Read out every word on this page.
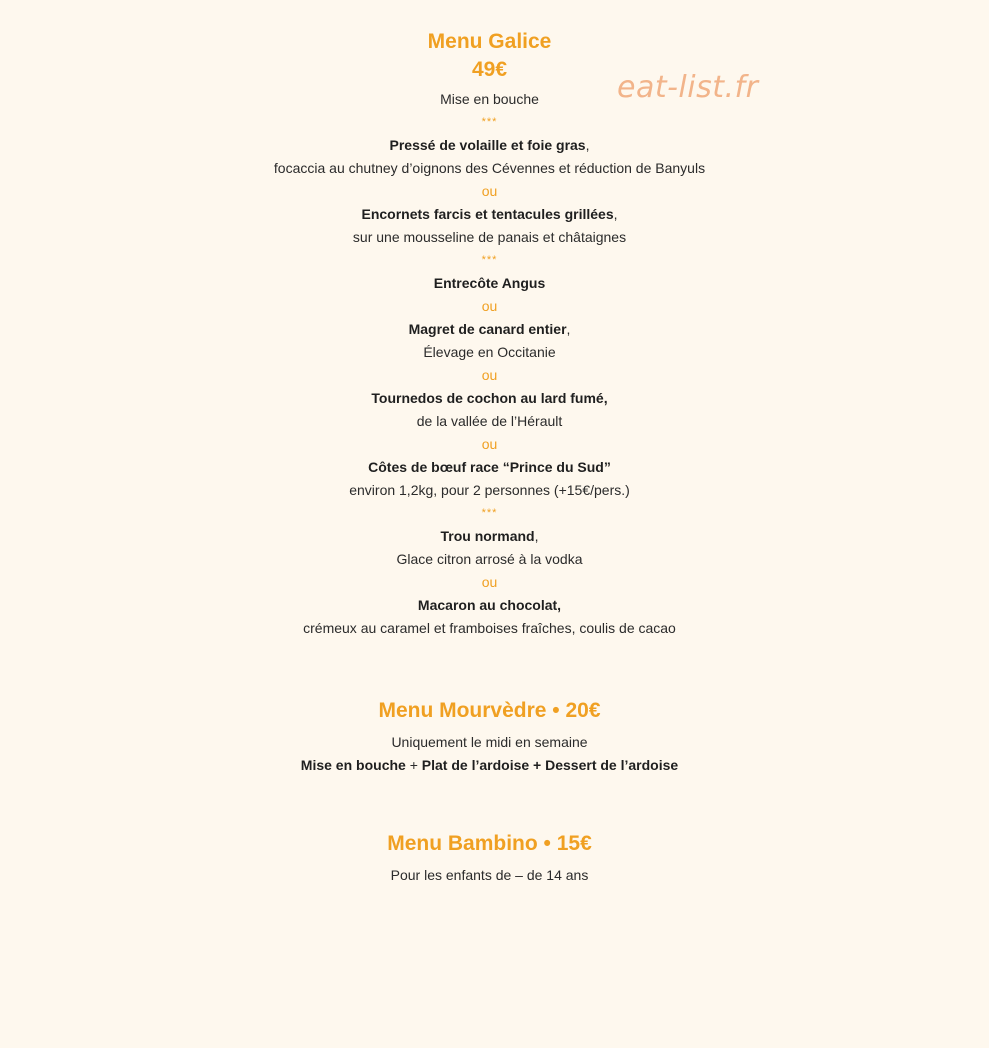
eat-list.fr
Menu Galice
49€
Mise en bouche
***
Pressé de volaille et foie gras,
focaccia au chutney d’oignons des Cévennes et réduction de Banyuls
ou
Encornets farcis et tentacules grillées,
sur une mousseline de panais et châtaignes
***
Entrecôte Angus
ou
Magret de canard entier,
Élevage en Occitanie
ou
Tournedos de cochon au lard fumé,
de la vallée de l’Hérault
ou
Côtes de bœuf race “Prince du Sud”
environ 1,2kg, pour 2 personnes (+15€/pers.)
***
Trou normand,
Glace citron arrosé à la vodka
ou
Macaron au chocolat,
crémeux au caramel et framboises fraîches, coulis de cacao
Menu Mourvèdre • 20€
Uniquement le midi en semaine
Mise en bouche + Plat de l’ardoise + Dessert de l’ardoise
Menu Bambino • 15€
Pour les enfants de – de 14 ans
